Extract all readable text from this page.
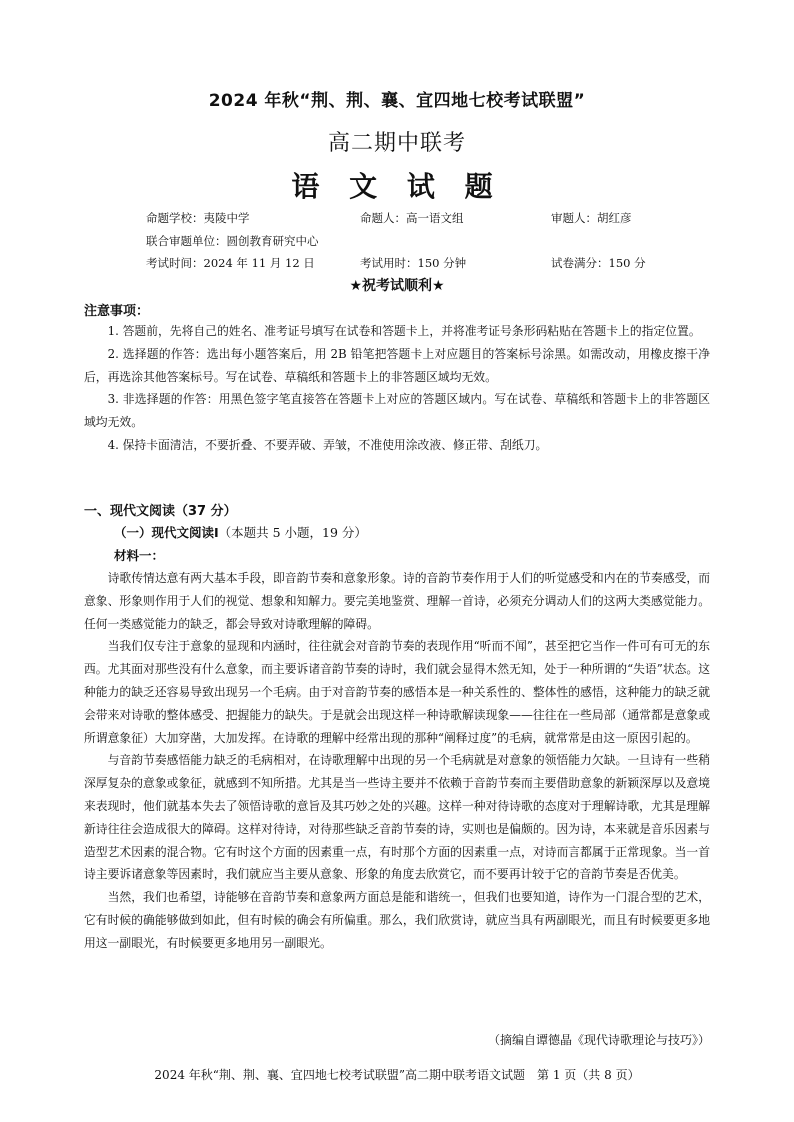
2024 年秋“荆、荆、襄、宜四地七校考试联盟”
高二期中联考
语 文 试 题
命题学校：夷陵中学	命题人：高一语文组	审题人：胡红彦
联合审题单位：圆创教育研究中心
考试时间：2024 年 11 月 12 日	考试用时：150 分钟	试卷满分：150 分
★祝考试顺利★
注意事项：

1. 答题前，先将自己的姓名、准考证号填写在试卷和答题卡上，并将准考证号条形码粘贴在答题卡上的指定位置。

2. 选择题的作答：选出每小题答案后，用 2B 铅笔把答题卡上对应题目的答案标号涂黑。如需改动，用橡皮擦干净后，再选涂其他答案标号。写在试卷、草稿纸和答题卡上的非答题区域均无效。

3. 非选择题的作答：用黑色签字笔直接答在答题卡上对应的答题区域内。写在试卷、草稿纸和答题卡上的非答题区域均无效。

4. 保持卡面清洁，不要折叠、不要弄破、弄皱，不准使用涂改液、修正带、刮纸刀。

一、现代文阅读（37 分）
（一）现代文阅读Ⅰ（本题共 5 小题，19 分）
材料一：

诗歌传情达意有两大基本手段，即音韵节奏和意象形象。诗的音韵节奏作用于人们的听觉感受和内在的节奏感受，而意象、形象则作用于人们的视觉、想象和知解力。要完美地鉴赏、理解一首诗，必须充分调动人们的这两大类感觉能力。任何一类感觉能力的缺乏，都会导致对诗歌理解的障碍。

当我们仅专注于意象的显现和内涵时，往往就会对音韵节奏的表现作用“听而不闻”，甚至把它当作一件可有可无的东西。尤其面对那些没有什么意象，而主要诉诸音韵节奏的诗时，我们就会显得木然无知，处于一种所谓的“失语”状态。这种能力的缺乏还容易导致出现另一个毛病。由于对音韵节奏的感悟本是一种关系性的、整体性的感悟，这种能力的缺乏就会带来对诗歌的整体感受、把握能力的缺失。于是就会出现这样一种诗歌解读现象——往往在一些局部（通常都是意象或所谓意象征）大加穿凿，大加发挥。在诗歌的理解中经常出现的那种“阐释过度”的毛病，就常常是由这一原因引起的。

与音韵节奏感悟能力缺乏的毛病相对，在诗歌理解中出现的另一个毛病就是对意象的领悟能力欠缺。一旦诗有一些稍深厚复杂的意象或象征，就感到不知所措。尤其是当一些诗主要并不依赖于音韵节奏而主要借助意象的新颖深厚以及意境来表现时，他们就基本失去了领悟诗歌的意旨及其巧妙之处的兴趣。这样一种对待诗歌的态度对于理解诗歌，尤其是理解新诗往往会造成很大的障碍。这样对待诗，对待那些缺乏音韵节奏的诗，实则也是偏颇的。因为诗，本来就是音乐因素与造型艺术因素的混合物。它有时这个方面的因素重一点，有时那个方面的因素重一点，对诗而言都属于正常现象。当一首诗主要诉诸意象等因素时，我们就应当主要从意象、形象的角度去欣赏它，而不要再计较于它的音韵节奏是否优美。

当然，我们也希望，诗能够在音韵节奏和意象两方面总是能和谐统一，但我们也要知道，诗作为一门混合型的艺术，它有时候的确能够做到如此，但有时候的确会有所偏重。那么，我们欣赏诗，就应当具有两副眼光，而且有时候要更多地用这一副眼光，有时候要更多地用另一副眼光。

（摘编自谭德晶《现代诗歌理论与技巧》）
2024 年秋“荆、荆、襄、宜四地七校考试联盟”高二期中联考语文试题　第 1 页（共 8 页）
